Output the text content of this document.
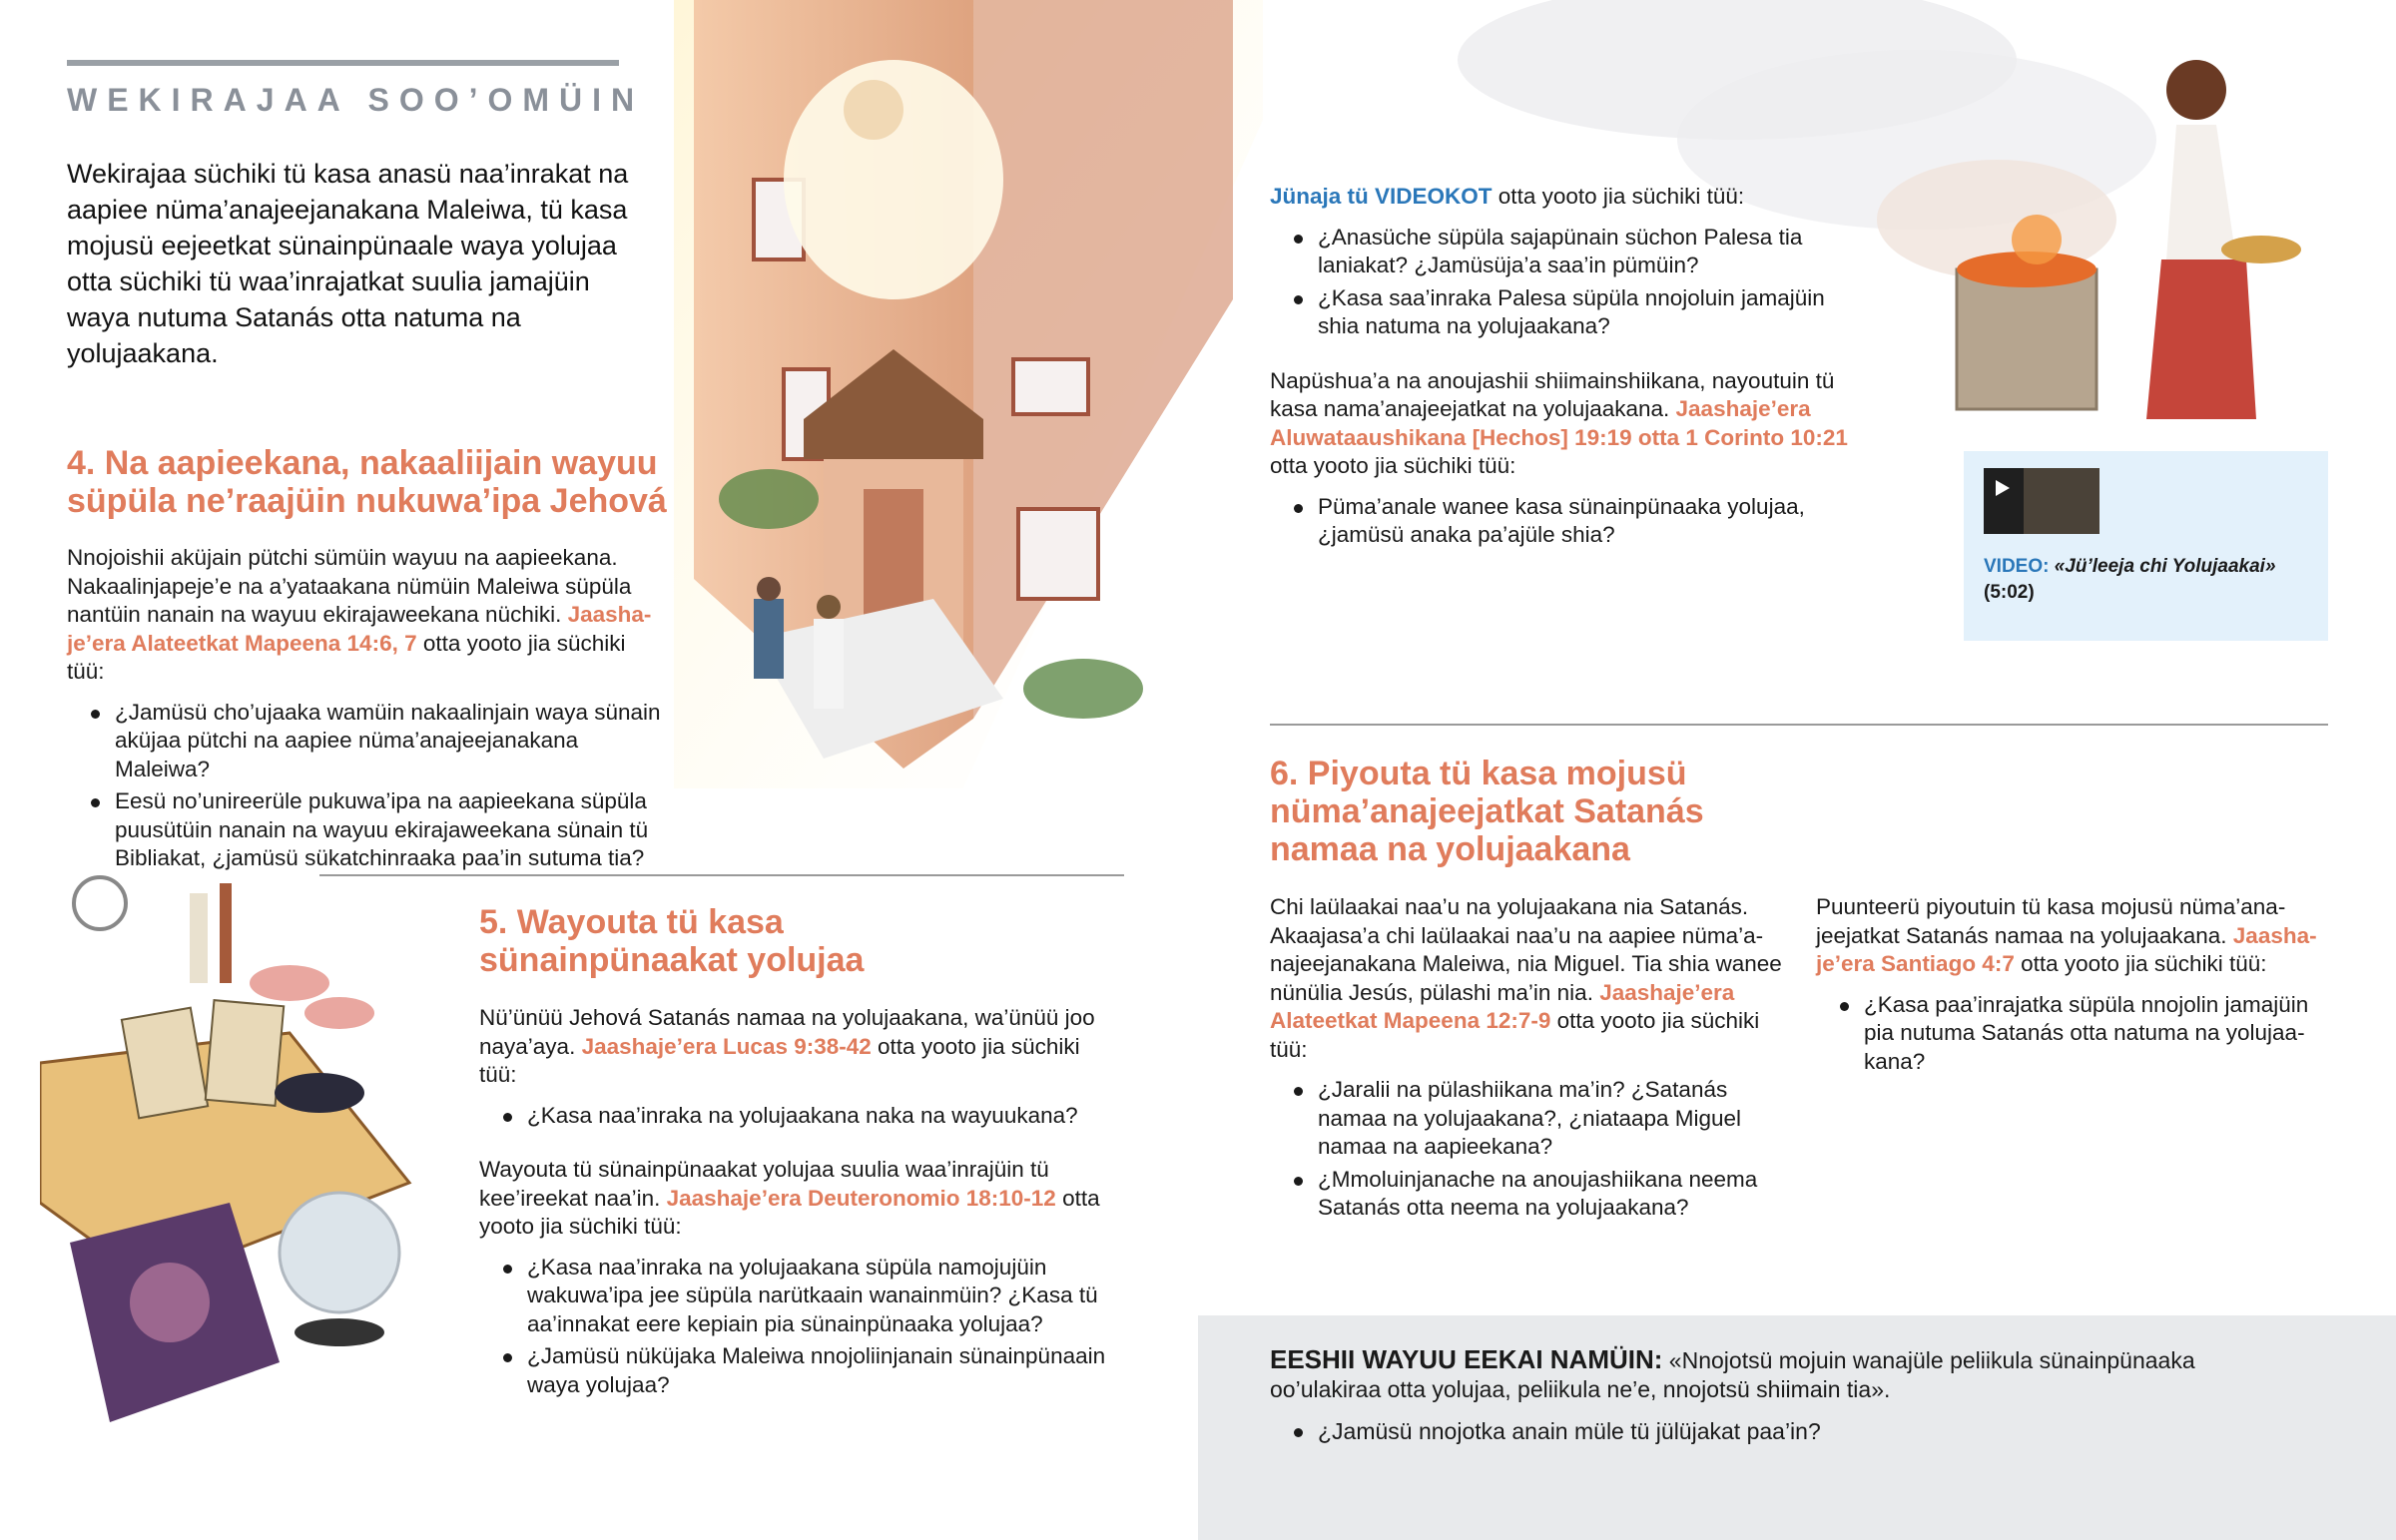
WEKIRAJAA SOO’OMÜIN
Wekirajaa süchiki tü kasa anasü naa’inrakat na aapiee nüma’anajeejanakana Maleiwa, tü kasa mojusü eejeetkat sünainpünaale waya yolujaa otta süchiki tü waa’inrajatkat suulia jamajüin waya nutuma Satanás otta natuma na yolujaakana.
4. Na aapieekana, nakaaliijain wayuu
süpüla ne’raajüin nukuwa’ipa Jehová
Nnojoishii aküjain pütchi sümüin wayuu na aapieekana. Nakaalinjapeje’e na a’yataakana nümüin Maleiwa süpüla nantüin nanain na wayuu ekirajaweekana nüchiki. Jaashaje’era Alateetkat Mapeena 14:6, 7 otta yooto jia süchiki tüü:
¿Jamüsü cho’ujaaka wamüin nakaalinjain waya sünain aküjaa pütchi na aapiee nüma’anajeejanakana Maleiwa?
Eesü no’unireerüle pukuwa’ipa na aapieekana süpüla puusütüin nanain na wayuu ekirajaweekana sünain tü Bibliakat, ¿jamüsü sükatchinraaka paa’in sutuma tia?
5. Wayouta tü kasa
sünainpünaakat yolujaa
Nü’ünüü Jehová Satanás namaa na yolujaakana, wa’ünüü joo naya’aya. Jaashaje’era Lucas 9:38-42 otta yooto jia süchiki tüü:
¿Kasa naa’inraka na yolujaakana naka na wayuukana?
Wayouta tü sünainpünaakat yolujaa suulia waa’inrajüin tü kee’ireekat naa’in. Jaashaje’era Deuteronomio 18:10-12 otta yooto jia süchiki tüü:
¿Kasa naa’inraka na yolujaakana süpüla namojujüin wakuwa’ipa jee süpüla narütkaain wanainmüin? ¿Kasa tü aa’innakat eere kepiain pia sünainpünaaka yolujaa?
¿Jamüsü nüküjaka Maleiwa nnojoliinjanain sünainpünaain waya yolujaa?
Jünaja tü VIDEOKOT otta yooto jia süchiki tüü:
¿Anasüche süpüla sajapünain süchon Palesa tia laniakat? ¿Jamüsüja’a saa’in pümüin?
¿Kasa saa’inraka Palesa süpüla nnojoluin jamajüin shia natuma na yolujaakana?
Napüshua’a na anoujashii shiimainshiikana, nayoutuin tü kasa nama’anajeejatkat na yolujaakana. Jaashaje’era Aluwataaushikana [Hechos] 19:19 otta 1 Corinto 10:21 otta yooto jia süchiki tüü:
Püma’anale wanee kasa sünainpünaaka yolujaa, ¿jamüsü anaka pa’ajüle shia?
VIDEO: «Jü’leeja chi Yolujaakai»
(5:02)
6. Piyouta tü kasa mojusü
nüma’anajeejatkat Satanás
namaa na yolujaakana
Chi laülaakai naa’u na yolujaakana nia Satanás. Akaajasa’a chi laülaakai naa’u na aapiee nüma’anajeejanakana Maleiwa, nia Miguel. Tia shia wanee nünülia Jesús, pülashi ma’in nia. Jaashaje’era Alateetkat Mapeena 12:7-9 otta yooto jia süchiki tüü:
¿Jaralii na pülashiikana ma’in? ¿Satanás namaa na yolujaakana?, ¿niataapa Miguel namaa na aapieekana?
¿Mmoluinjanache na anoujashiikana neema Satanás otta neema na yolujaakana?
Puunteerü piyoutuin tü kasa mojusü nüma’anajeejatkat Satanás namaa na yolujaakana. Jaashaje’era Santiago 4:7 otta yooto jia süchiki tüü:
¿Kasa paa’inrajatka süpüla nnojolin jamajüin pia nutuma Satanás otta natuma na yolujaakana?
EESHII WAYUU EEKAI NAMÜIN: «Nnojotsü mojuin wanajüle peliikula sünainpünaaka oo’ulakiraa otta yolujaa, peliikula ne’e, nnojotsü shiimain tia».
¿Jamüsü nnojotka anain müle tü jülüjakat paa’in?
